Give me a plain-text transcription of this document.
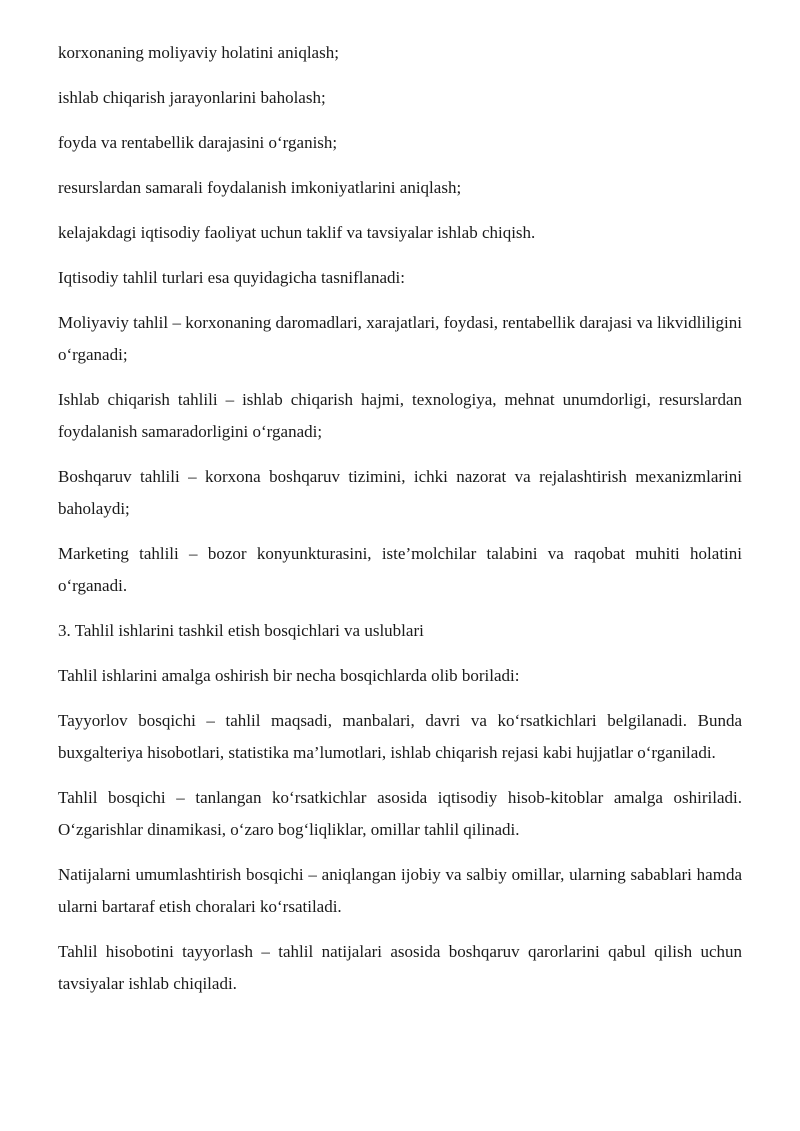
korxonaning moliyaviy holatini aniqlash;

ishlab chiqarish jarayonlarini baholash;

foyda va rentabellik darajasini o‘rganish;

resurslardan samarali foydalanish imkoniyatlarini aniqlash;

kelajakdagi iqtisodiy faoliyat uchun taklif va tavsiyalar ishlab chiqish.

Iqtisodiy tahlil turlari esa quyidagicha tasniflanadi:

Moliyaviy tahlil – korxonaning daromadlari, xarajatlari, foydasi, rentabellik darajasi va likvidliligini o‘rganadi;

Ishlab chiqarish tahlili – ishlab chiqarish hajmi, texnologiya, mehnat unumdorligi, resurslardan foydalanish samaradorligini o‘rganadi;

Boshqaruv tahlili – korxona boshqaruv tizimini, ichki nazorat va rejalashtirish mexanizmlarini baholaydi;

Marketing tahlili – bozor konyunkturasini, iste’molchilar talabini va raqobat muhiti holatini o‘rganadi.

3. Tahlil ishlarini tashkil etish bosqichlari va uslublari

Tahlil ishlarini amalga oshirish bir necha bosqichlarda olib boriladi:

Tayyorlov bosqichi – tahlil maqsadi, manbalari, davri va ko‘rsatkichlari belgilanadi. Bunda buxgalteriya hisobotlari, statistika ma’lumotlari, ishlab chiqarish rejasi kabi hujjatlar o‘rganiladi.

Tahlil bosqichi – tanlangan ko‘rsatkichlar asosida iqtisodiy hisob-kitoblar amalga oshiriladi. O‘zgarishlar dinamikasi, o‘zaro bog‘liqliklar, omillar tahlil qilinadi.

Natijalarni umumlashtirish bosqichi – aniqlangan ijobiy va salbiy omillar, ularning sabablari hamda ularni bartaraf etish choralari ko‘rsatiladi.

Tahlil hisobotini tayyorlash – tahlil natijalari asosida boshqaruv qarorlarini qabul qilish uchun tavsiyalar ishlab chiqiladi.
